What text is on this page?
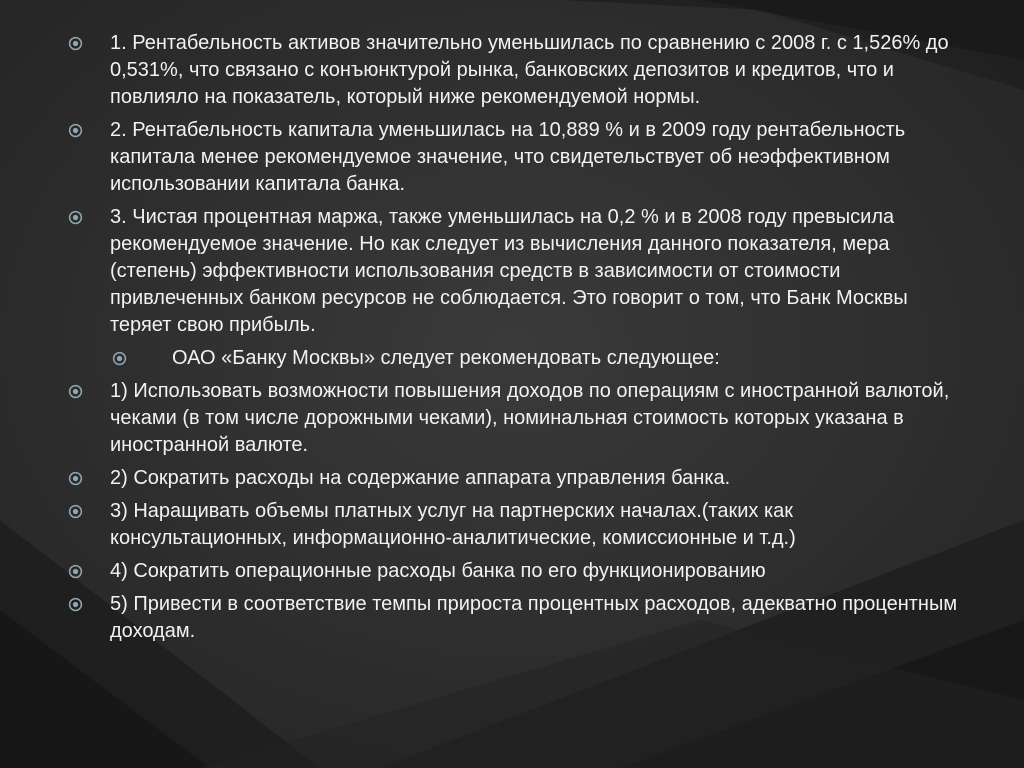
1. Рентабельность активов значительно уменьшилась по сравнению с 2008 г. с 1,526% до 0,531%, что связано с конъюнктурой рынка, банковских депозитов и кредитов, что и повлияло на показатель, который ниже рекомендуемой нормы.
2. Рентабельность капитала уменьшилась на 10,889 % и в 2009 году рентабельность капитала менее рекомендуемое значение, что свидетельствует об неэффективном использовании капитала банка.
3. Чистая процентная маржа, также уменьшилась на 0,2 % и в 2008 году превысила рекомендуемое значение. Но как следует из вычисления данного показателя, мера (степень) эффективности использования средств в зависимости от стоимости привлеченных банком ресурсов не соблюдается. Это говорит о том, что Банк Москвы теряет свою прибыль.
ОАО «Банку Москвы» следует рекомендовать следующее:
1) Использовать возможности повышения доходов по операциям с иностранной валютой, чеками (в том числе дорожными чеками), номинальная стоимость которых указана в иностранной валюте.
2) Сократить расходы на содержание аппарата управления банка.
3) Наращивать объемы платных услуг на партнерских началах.(таких как консультационных, информационно-аналитические, комиссионные и т.д.)
4) Сократить операционные расходы банка по его функционированию
5) Привести в соответствие темпы прироста процентных расходов, адекватно процентным доходам.
